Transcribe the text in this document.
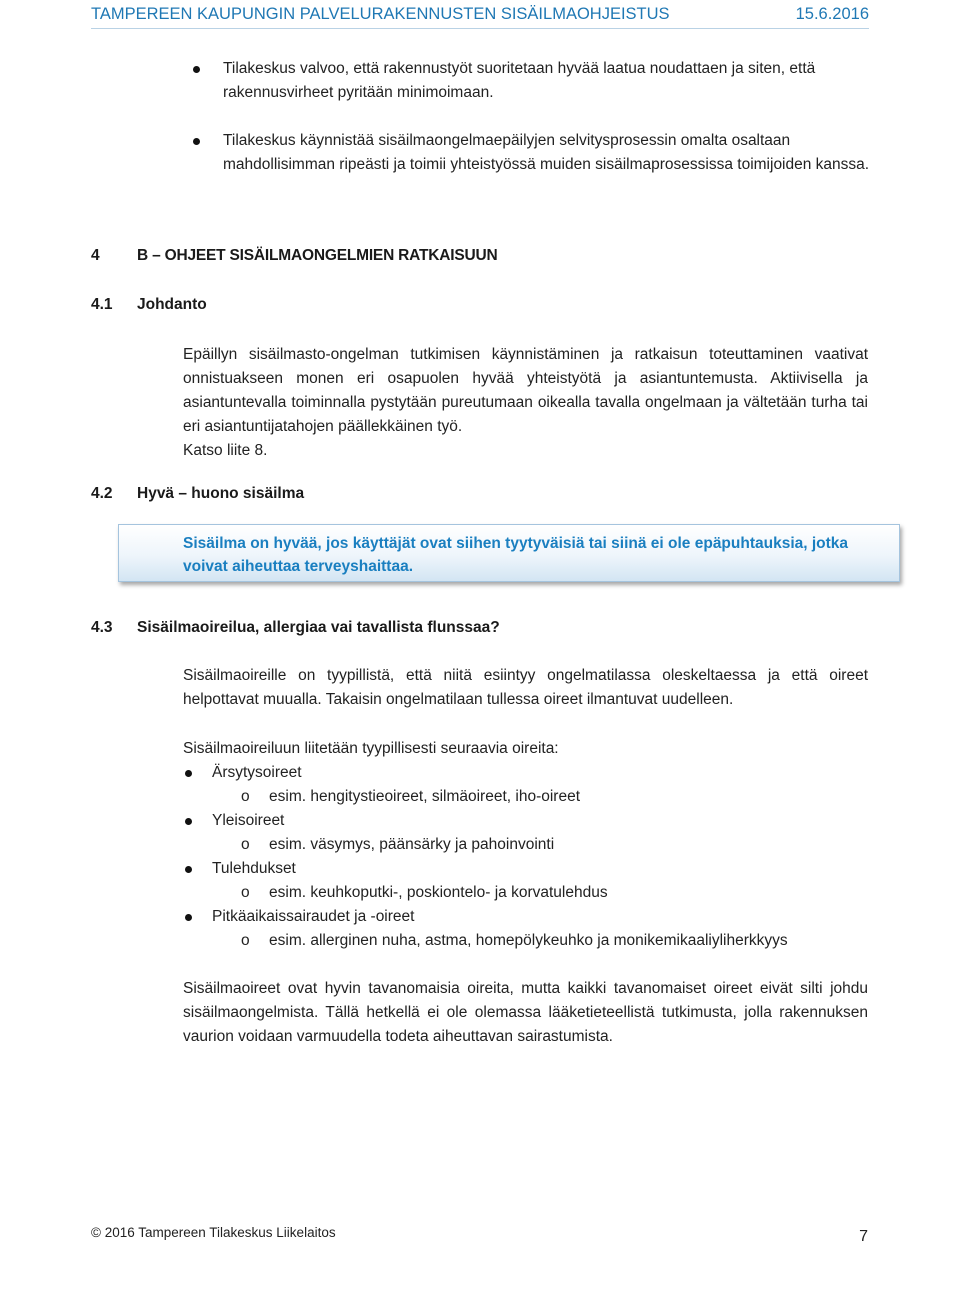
TAMPEREEN KAUPUNGIN PALVELURAKENNUSTEN SISÄILMAOHJEISTUS	15.6.2016
Tilakeskus valvoo, että rakennustyöt suoritetaan hyvää laatua noudattaen ja siten, että rakennusvirheet pyritään minimoimaan.
Tilakeskus käynnistää sisäilmaongelmaepäilyjen selvitysprosessin omalta osaltaan mahdollisimman ripeästi ja toimii yhteistyössä muiden sisäilmaprosessissa toimijoiden kanssa.
4 B – OHJEET SISÄILMAONGELMIEN RATKAISUUN
4.1 Johdanto
Epäillyn sisäilmasto-ongelman tutkimisen käynnistäminen ja ratkaisun toteuttaminen vaativat onnistuakseen monen eri osapuolen hyvää yhteistyötä ja asiantuntemusta. Aktiivisella ja asiantuntevalla toiminnalla pystytään pureutumaan oikealla tavalla ongelmaan ja vältetään turha tai eri asiantuntijatahojen päällekkäinen työ.
Katso liite 8.
4.2 Hyvä – huono sisäilma
Sisäilma on hyvää, jos käyttäjät ovat siihen tyytyväisiä tai siinä ei ole epäpuhtauksia, jotka voivat aiheuttaa terveyshaittaa.
4.3 Sisäilmaoireilua, allergiaa vai tavallista flunssaa?
Sisäilmaoireille on tyypillistä, että niitä esiintyy ongelmatilassa oleskeltaessa ja että oireet helpottavat muualla. Takaisin ongelmatilaan tullessa oireet ilmantuvat uudelleen.
Sisäilmaoireiluun liitetään tyypillisesti seuraavia oireita:
Ärsytysoireet
o esim. hengitystieoireet, silmäoireet, iho-oireet
Yleisoireet
o esim. väsymys, päänsärky ja pahoinvointi
Tulehdukset
o esim. keuhkoputki-, poskiontelo- ja korvatulehdus
Pitkäaikaissairaudet ja -oireet
o esim. allerginen nuha, astma, homepölykeuhko ja monikemikaaliyliherkkyys
Sisäilmaoireet ovat hyvin tavanomaisia oireita, mutta kaikki tavanomaiset oireet eivät silti johdu sisäilmaongelmista. Tällä hetkellä ei ole olemassa lääketieteellistä tutkimusta, jolla rakennuksen vaurion voidaan varmuudella todeta aiheuttavan sairastumista.
© 2016 Tampereen Tilakeskus Liikelaitos	7
